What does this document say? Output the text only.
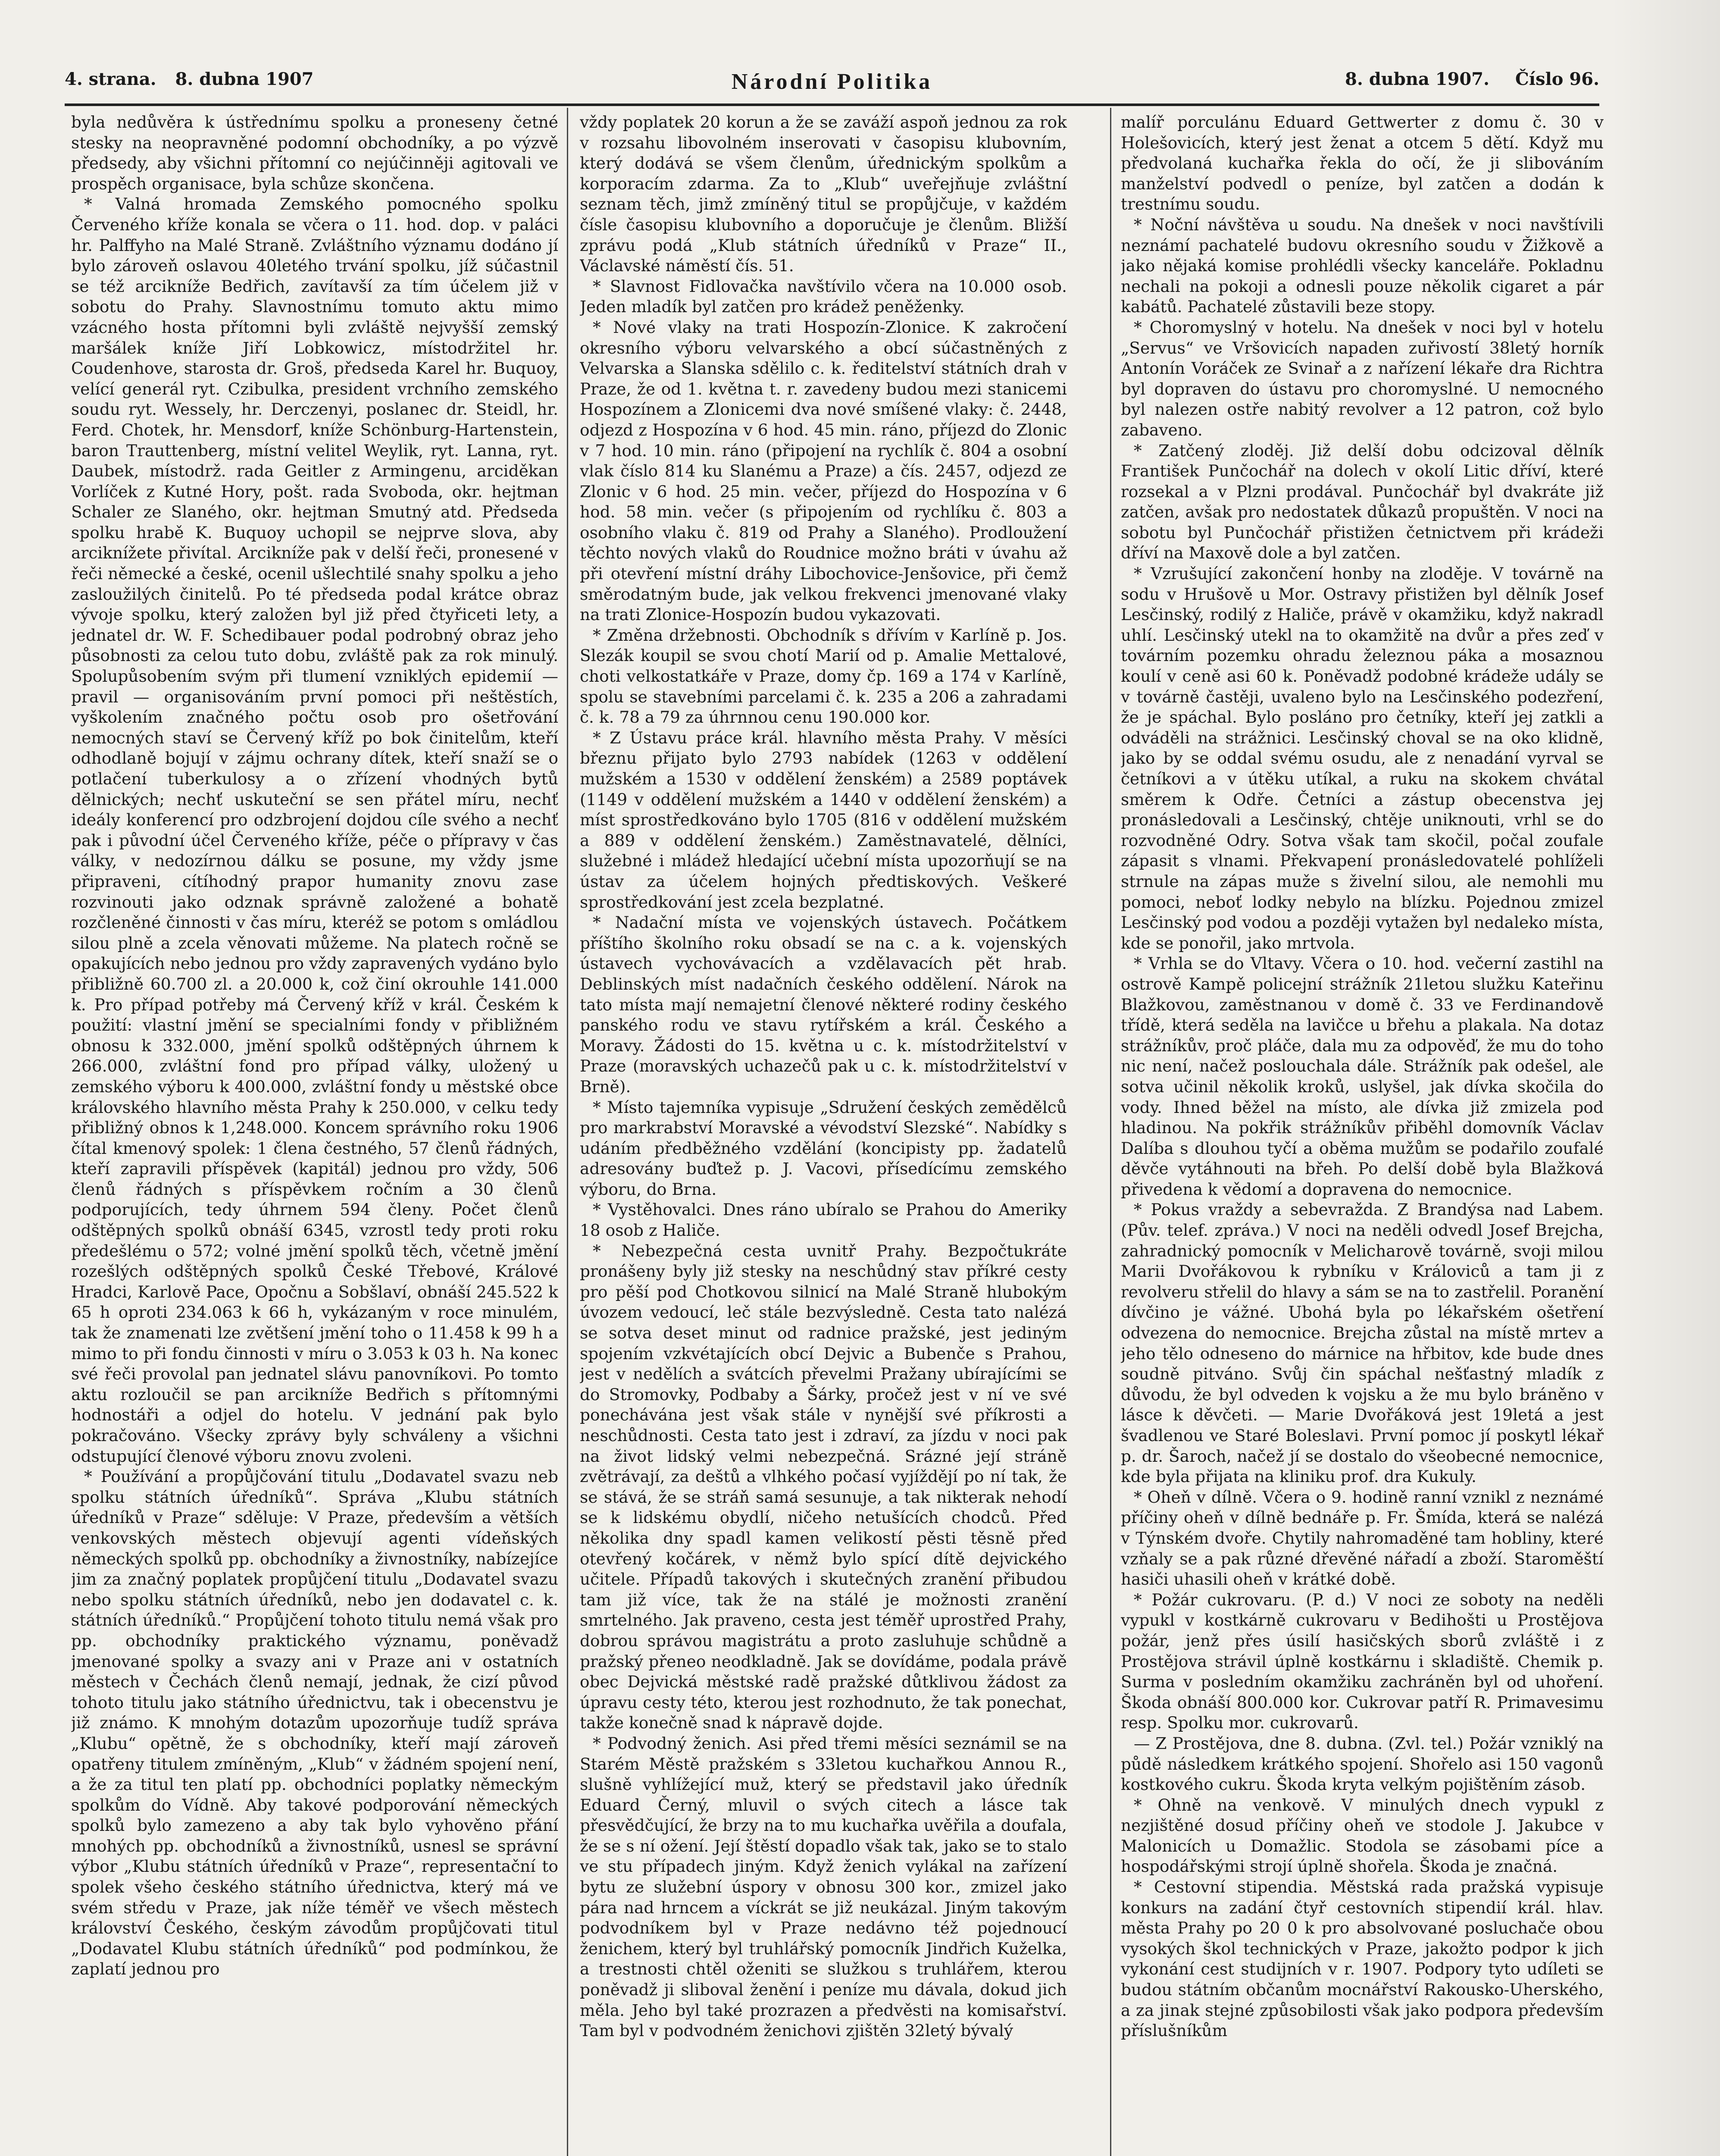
4. strana. 8. dubna 1907	Národní Politika	8. dubna 1907. Číslo 96.

byla nedůvěra k ústřednímu spolku a proneseny četné stesky na neopravněné podomní obchodníky, a po výzvě předsedy, aby všichni přítomní co nejúčinněji agitovali ve prospěch organisace, byla schůze skončena.

* Valná hromada Zemského pomocného spolku Červeného kříže konala se včera o 11. hod. dop. v paláci hr. Palffyho na Malé Straně. Zvláštního významu dodáno jí bylo zároveň oslavou 40letého trvání spolku, jíž súčastnil se též arcikníže Bedřich, zavítavší za tím účelem již v sobotu do Prahy. Slavnostnímu tomuto aktu mimo vzácného hosta přítomni byli zvláště nejvyšší zemský maršálek kníže Jiří Lobkowicz, místodržitel hr. Coudenhove, starosta dr. Groš, předseda Karel hr. Buquoy, velící generál ryt. Czibulka, president vrchního zemského soudu ryt. Wessely, hr. Derczenyi, poslanec dr. Steidl, hr. Ferd. Chotek, hr. Mensdorf, kníže Schönburg-Hartenstein, baron Trauttenberg, místní velitel Weylik, ryt. Lanna, ryt. Daubek, místodrž. rada Geitler z Armingenu, arciděkan Vorlíček z Kutné Hory, pošt. rada Svoboda, okr. hejtman Schaler ze Slaného, okr. hejtman Smutný atd. Předseda spolku hrabě K. Buquoy uchopil se nejprve slova, aby arciknížete přivítal. Arcikníže pak v delší řeči, pronesené v řeči německé a české, ocenil ušlechtilé snahy spolku a jeho zasloužilých činitelů. Po té předseda podal krátce obraz vývoje spolku, který založen byl již před čtyřiceti lety, a jednatel dr. W. F. Schedibauer podal podrobný obraz jeho působnosti za celou tuto dobu, zvláště pak za rok minulý. Spolupůsobením svým při tlumení vzniklých epidemií — pravil — organisováním první pomoci při neštěstích, vyškolením značného počtu osob pro ošetřování nemocných staví se Červený kříž po bok činitelům, kteří odhodlaně bojují v zájmu ochrany dítek, kteří snaží se o potlačení tuberkulosy a o zřízení vhodných bytů dělnických; nechť uskuteční se sen přátel míru, nechť ideály konferencí pro odzbrojení dojdou cíle svého a nechť pak i původní účel Červeného kříže, péče o přípravy v čas války, v nedozírnou dálku se posune, my vždy jsme připraveni, cítíhodný prapor humanity znovu zase rozvinouti jako odznak správně založené a bohatě rozčleněné činnosti v čas míru, kteréž se potom s omládlou silou plně a zcela věnovati můžeme. Na platech ročně se opakujících nebo jednou pro vždy zapravených vydáno bylo přibližně 60.700 zl. a 20.000 k, což činí okrouhle 141.000 k. Pro případ potřeby má Červený kříž v král. Českém k použití: vlastní jmění se specialními fondy v přibližném obnosu k 332.000, jmění spolků odštěpných úhrnem k 266.000, zvláštní fond pro případ války, uložený u zemského výboru k 400.000, zvláštní fondy u městské obce královského hlavního města Prahy k 250.000, v celku tedy přibližný obnos k 1,248.000. Koncem správního roku 1906 čítal kmenový spolek: 1 člena čestného, 57 členů řádných, kteří zapravili příspěvek (kapitál) jednou pro vždy, 506 členů řádných s příspěvkem ročním a 30 členů podporujících, tedy úhrnem 594 členy. Počet členů odštěpných spolků obnáší 6345, vzrostl tedy proti roku předešlému o 572; volné jmění spolků těch, včetně jmění rozešlých odštěpných spolků České Třebové, Králové Hradci, Karlově Pace, Opočnu a Sobšlaví, obnáší 245.522 k 65 h oproti 234.063 k 66 h, vykázaným v roce minulém, tak že znamenati lze zvětšení jmění toho o 11.458 k 99 h a mimo to při fondu činnosti v míru o 3.053 k 03 h. Na konec své řeči provolal pan jednatel slávu panovníkovi. Po tomto aktu rozloučil se pan arcikníže Bedřich s přítomnými hodnostáři a odjel do hotelu. V jednání pak bylo pokračováno. Všecky zprávy byly schváleny a všichni odstupující členové výboru znovu zvoleni.

* Používání a propůjčování titulu „Dodavatel svazu neb spolku státních úředníků“. Správa „Klubu státních úředníků v Praze“ sděluje: V Praze, především a větších venkovských městech objevují agenti vídeňských německých spolků pp. obchodníky a živnostníky, nabízejíce jim za značný poplatek propůjčení titulu „Dodavatel svazu nebo spolku státních úředníků, nebo jen dodavatel c. k. státních úředníků.“ Propůjčení tohoto titulu nemá však pro pp. obchodníky praktického významu, poněvadž jmenované spolky a svazy ani v Praze ani v ostatních městech v Čechách členů nemají, jednak, že cizí původ tohoto titulu jako státního úřednictvu, tak i obecenstvu je již známo. K mnohým dotazům upozorňuje tudíž správa „Klubu“ opětně, že s obchodníky, kteří mají zároveň opatřeny titulem zmíněným, „Klub“ v žádném spojení není, a že za titul ten platí pp. obchodníci poplatky německým spolkům do Vídně. Aby takové podporování německých spolků bylo zamezeno a aby tak bylo vyhověno přání mnohých pp. obchodníků a živnostníků, usnesl se správní výbor „Klubu státních úředníků v Praze“, representační to spolek všeho českého státního úřednictva, který má ve svém středu v Praze, jak níže téměř ve všech městech království Českého, českým závodům propůjčovati titul „Dodavatel Klubu státních úředníků“ pod podmínkou, že zaplatí jednou pro

vždy poplatek 20 korun a že se zaváží aspoň jednou za rok v rozsahu libovolném inserovati v časopisu klubovním, který dodává se všem členům, úřednickým spolkům a korporacím zdarma. Za to „Klub“ uveřejňuje zvláštní seznam těch, jimž zmíněný titul se propůjčuje, v každém čísle časopisu klubovního a doporučuje je členům. Bližší zprávu podá „Klub státních úředníků v Praze“ II., Václavské náměstí čís. 51.

* Slavnost Fidlovačka navštívilo včera na 10.000 osob. Jeden mladík byl zatčen pro krádež peněženky.

* Nové vlaky na trati Hospozín-Zlonice. K zakročení okresního výboru velvarského a obcí súčastněných z Velvarska a Slanska sdělilo c. k. ředitelství státních drah v Praze, že od 1. května t. r. zavedeny budou mezi stanicemi Hospozínem a Zlonicemi dva nové smíšené vlaky: č. 2448, odjezd z Hospozína v 6 hod. 45 min. ráno, příjezd do Zlonic v 7 hod. 10 min. ráno (připojení na rychlík č. 804 a osobní vlak číslo 814 ku Slanému a Praze) a čís. 2457, odjezd ze Zlonic v 6 hod. 25 min. večer, příjezd do Hospozína v 6 hod. 58 min. večer (s připojením od rychlíku č. 803 a osobního vlaku č. 819 od Prahy a Slaného). Prodloužení těchto nových vlaků do Roudnice možno bráti v úvahu až při otevření místní dráhy Libochovice-Jenšovice, při čemž směrodatným bude, jak velkou frekvenci jmenované vlaky na trati Zlonice-Hospozín budou vykazovati.

* Změna držebnosti. Obchodník s dřívím v Karlíně p. Jos. Slezák koupil se svou chotí Marií od p. Amalie Mettalové, choti velkostatkáře v Praze, domy čp. 169 a 174 v Karlíně, spolu se stavebními parcelami č. k. 235 a 206 a zahradami č. k. 78 a 79 za úhrnnou cenu 190.000 kor.

* Z Ústavu práce král. hlavního města Prahy. V měsíci březnu přijato bylo 2793 nabídek (1263 v oddělení mužském a 1530 v oddělení ženském) a 2589 poptávek (1149 v oddělení mužském a 1440 v oddělení ženském) a míst sprostředkováno bylo 1705 (816 v oddělení mužském a 889 v oddělení ženském.) Zaměstnavatelé, dělníci, služebné i mládež hledající učební místa upozorňují se na ústav za účelem hojných předtiskových. Veškeré sprostředkování jest zcela bezplatné.

* Nadační místa ve vojenských ústavech. Počátkem příštího školního roku obsadí se na c. a k. vojenských ústavech vychovávacích a vzdělavacích pět hrab. Deblinských míst nadačních českého oddělení. Nárok na tato místa mají nemajetní členové některé rodiny českého panského rodu ve stavu rytířském a král. Českého a Moravy. Žádosti do 15. května u c. k. místodržitelství v Praze (moravských uchazečů pak u c. k. místodržitelství v Brně).

* Místo tajemníka vypisuje „Sdružení českých zemědělců pro markrabství Moravské a vévodství Slezské“. Nabídky s udáním předběžného vzdělání (koncipisty pp. žadatelů adresovány buďtež p. J. Vacovi, přísedícímu zemského výboru, do Brna.

* Vystěhovalci. Dnes ráno ubíralo se Prahou do Ameriky 18 osob z Haliče.

* Nebezpečná cesta uvnitř Prahy. Bezpočtukráte pronášeny byly již stesky na neschůdný stav příkré cesty pro pěší pod Chotkovou silnicí na Malé Straně hlubokým úvozem vedoucí, leč stále bezvýsledně. Cesta tato nalézá se sotva deset minut od radnice pražské, jest jediným spojením vzkvétajících obcí Dejvic a Bubenče s Prahou, jest v nedělích a svátcích převelmi Pražany ubírajícími se do Stromovky, Podbaby a Šárky, pročež jest v ní ve své ponechávána jest však stále v nynější své příkrosti a neschůdnosti. Cesta tato jest i zdraví, za jízdu v noci pak na život lidský velmi nebezpečná. Srázné její stráně zvětrávají, za deštů a vlhkého počasí vyjíždějí po ní tak, že se stává, že se stráň samá sesunuje, a tak nikterak nehodí se k lidskému obydlí, ničeho netušících chodců. Před několika dny spadl kamen velikostí pěsti těsně před otevřený kočárek, v němž bylo spící dítě dejvického učitele. Případů takových i skutečných zranění přibudou tam již více, tak že na stálé je možnosti zranění smrtelného. Jak praveno, cesta jest téměř uprostřed Prahy, dobrou správou magistrátu a proto zasluhuje schůdně a pražský přeneo neodkladně. Jak se dovídáme, podala právě obec Dejvická městské radě pražské důtklivou žádost za úpravu cesty této, kterou jest rozhodnuto, že tak ponechat, takže konečně snad k nápravě dojde.

* Podvodný ženich. Asi před třemi měsíci seznámil se na Starém Městě pražském s 33letou kuchařkou Annou R., slušně vyhlížející muž, který se představil jako úředník Eduard Černý, mluvil o svých citech a lásce tak přesvědčující, že brzy na to mu kuchařka uvěřila a doufala, že se s ní ožení. Její štěstí dopadlo však tak, jako se to stalo ve stu případech jiným. Když ženich vylákal na zařízení bytu ze služební úspory v obnosu 300 kor., zmizel jako pára nad hrncem a víckrát se již neukázal. Jiným takovým podvodníkem byl v Praze nedávno též pojednoucí ženichem, který byl truhlářský pomocník Jindřich Kuželka, a trestnosti chtěl oženiti se služkou s truhlářem, kterou poněvadž ji sliboval ženění i peníze mu dávala, dokud jich měla. Jeho byl také prozrazen a předvěsti na komisařství. Tam byl v podvodném ženichovi zjištěn 32letý bývalý

malíř porculánu Eduard Gettwerter z domu č. 30 v Holešovicích, který jest ženat a otcem 5 dětí. Když mu předvolaná kuchařka řekla do očí, že ji slibováním manželství podvedl o peníze, byl zatčen a dodán k trestnímu soudu.

* Noční návštěva u soudu. Na dnešek v noci navštívili neznámí pachatelé budovu okresního soudu v Žižkově a jako nějaká komise prohlédli všecky kanceláře. Pokladnu nechali na pokoji a odnesli pouze několik cigaret a pár kabátů. Pachatelé zůstavili beze stopy.

* Choromyslný v hotelu. Na dnešek v noci byl v hotelu „Servus“ ve Vršovicích napaden zuřivostí 38letý horník Antonín Voráček ze Svinař a z nařízení lékaře dra Richtra byl dopraven do ústavu pro choromyslné. U nemocného byl nalezen ostře nabitý revolver a 12 patron, což bylo zabaveno.

* Zatčený zloděj. Již delší dobu odcizoval dělník František Punčochář na dolech v okolí Litic dříví, které rozsekal a v Plzni prodával. Punčochář byl dvakráte již zatčen, avšak pro nedostatek důkazů propuštěn. V noci na sobotu byl Punčochář přistižen četnictvem při krádeži dříví na Maxově dole a byl zatčen.

* Vzrušující zakončení honby na zloděje. V továrně na sodu v Hrušově u Mor. Ostravy přistižen byl dělník Josef Lesčinský, rodilý z Haliče, právě v okamžiku, když nakradl uhlí. Lesčinský utekl na to okamžitě na dvůr a přes zeď v továrním pozemku ohradu železnou páka a mosaznou koulí v ceně asi 60 k. Poněvadž podobné krádeže udály se v továrně častěji, uvaleno bylo na Lesčinského podezření, že je spáchal. Bylo posláno pro četníky, kteří jej zatkli a odváděli na strážnici. Lesčinský choval se na oko klidně, jako by se oddal svému osudu, ale z nenadání vyrval se četníkovi a v útěku utíkal, a ruku na skokem chvátal směrem k Odře. Četníci a zástup obecenstva jej pronásledovali a Lesčinský, chtěje uniknouti, vrhl se do rozvodněné Odry. Sotva však tam skočil, počal zoufale zápasit s vlnami. Překvapení pronásledovatelé pohlíželi strnule na zápas muže s živelní silou, ale nemohli mu pomoci, neboť lodky nebylo na blízku. Pojednou zmizel Lesčinský pod vodou a později vytažen byl nedaleko místa, kde se ponořil, jako mrtvola.

* Vrhla se do Vltavy. Včera o 10. hod. večerní zastihl na ostrově Kampě policejní strážník 21letou služku Kateřinu Blažkovou, zaměstnanou v domě č. 33 ve Ferdinandově třídě, která seděla na lavičce u břehu a plakala. Na dotaz strážníkův, proč pláče, dala mu za odpověď, že mu do toho nic není, načež poslouchala dále. Strážník pak odešel, ale sotva učinil několik kroků, uslyšel, jak dívka skočila do vody. Ihned běžel na místo, ale dívka již zmizela pod hladinou. Na pokřik strážníkův přiběhl domovník Václav Dalíba s dlouhou tyčí a oběma mužům se podařilo zoufalé děvče vytáhnouti na břeh. Po delší době byla Blažková přivedena k vědomí a dopravena do nemocnice.

* Pokus vraždy a sebevražda. Z Brandýsa nad Labem. (Pův. telef. zpráva.) V noci na neděli odvedl Josef Brejcha, zahradnický pomocník v Melicharově továrně, svoji milou Marii Dvořákovou k rybníku v Královiců a tam ji z revolveru střelil do hlavy a sám se na to zastřelil. Poranění dívčino je vážné. Ubohá byla po lékařském ošetření odvezena do nemocnice. Brejcha zůstal na místě mrtev a jeho tělo odneseno do márnice na hřbitov, kde bude dnes soudně pitváno. Svůj čin spáchal nešťastný mladík z důvodu, že byl odveden k vojsku a že mu bylo bráněno v lásce k děvčeti. — Marie Dvořáková jest 19letá a jest švadlenou ve Staré Boleslavi. První pomoc jí poskytl lékař p. dr. Šaroch, načež jí se dostalo do všeobecné nemocnice, kde byla přijata na kliniku prof. dra Kukuly.

* Oheň v dílně. Včera o 9. hodině ranní vznikl z neznámé příčiny oheň v dílně bednáře p. Fr. Šmída, která se nalézá v Týnském dvoře. Chytily nahromaděné tam hobliny, které vzňaly se a pak různé dřevěné nářadí a zboží. Staroměští hasiči uhasili oheň v krátké době.

* Požár cukrovaru. (P. d.) V noci ze soboty na neděli vypukl v kostkárně cukrovaru v Bedihošti u Prostějova požár, jenž přes úsilí hasičských sborů zvláště i z Prostějova strávil úplně kostkárnu i skladiště. Chemik p. Surma v posledním okamžiku zachráněn byl od uhoření. Škoda obnáší 800.000 kor. Cukrovar patří R. Primavesimu resp. Spolku mor. cukrovarů.

— Z Prostějova, dne 8. dubna. (Zvl. tel.) Požár vzniklý na půdě následkem krátkého spojení. Shořelo asi 150 vagonů kostkového cukru. Škoda kryta velkým pojištěním zásob.

* Ohně na venkově. V minulých dnech vypukl z nezjištěné dosud příčiny oheň ve stodole J. Jakubce v Malonicích u Domažlic. Stodola se zásobami píce a hospodářskými strojí úplně shořela. Škoda je značná.

* Cestovní stipendia. Městská rada pražská vypisuje konkurs na zadání čtyř cestovních stipendií král. hlav. města Prahy po 20 0 k pro absolvované posluchače obou vysokých škol technických v Praze, jakožto podpor k jich vykonání cest studijních v r. 1907. Podpory tyto udíleti se budou státním občanům mocnářství Rakousko-Uherského, a za jinak stejné způsobilosti však jako podpora především příslušníkům
